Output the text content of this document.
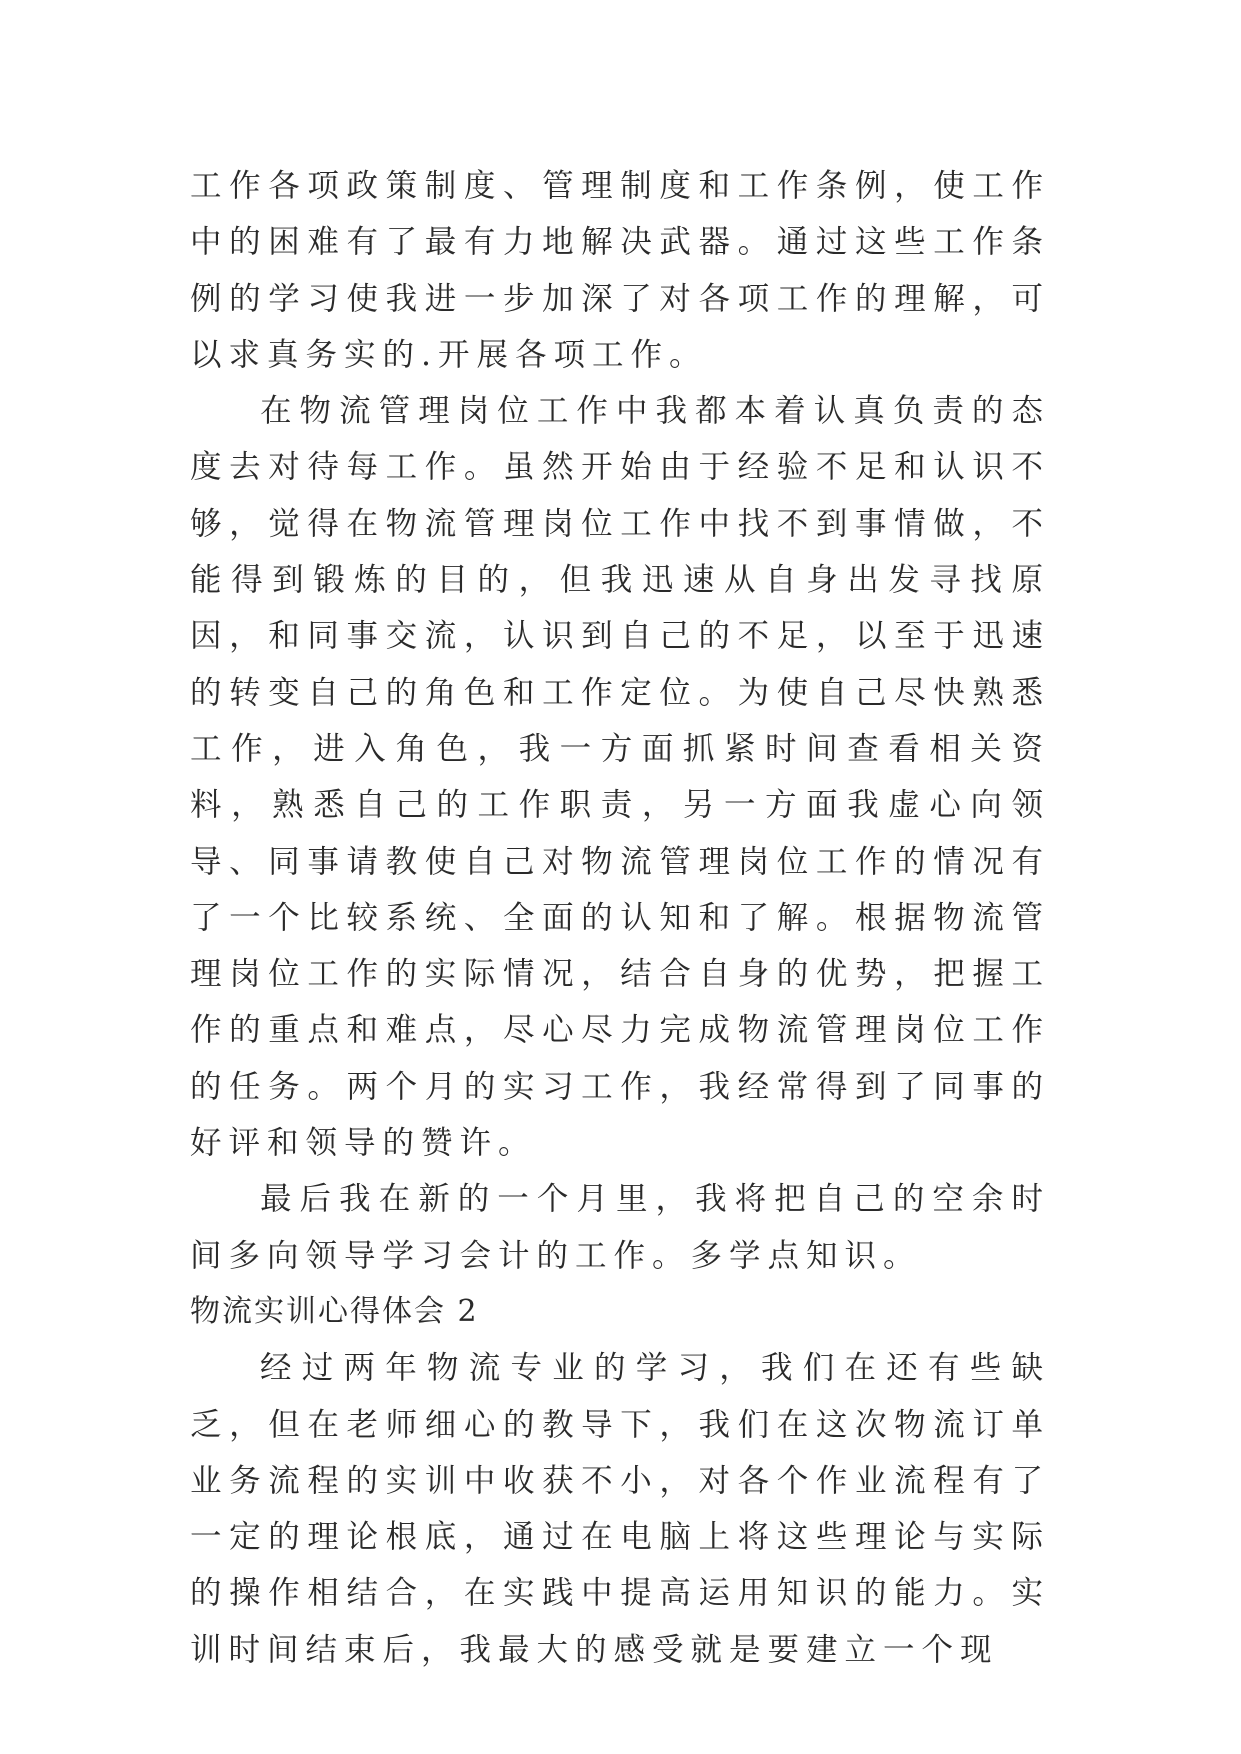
工作各项政策制度、管理制度和工作条例，使工作中的困难有了最有力地解决武器。通过这些工作条例的学习使我进一步加深了对各项工作的理解，可以求真务实的.开展各项工作。

在物流管理岗位工作中我都本着认真负责的态度去对待每工作。虽然开始由于经验不足和认识不够，觉得在物流管理岗位工作中找不到事情做，不能得到锻炼的目的，但我迅速从自身出发寻找原因，和同事交流，认识到自己的不足，以至于迅速的转变自己的角色和工作定位。为使自己尽快熟悉工作，进入角色，我一方面抓紧时间查看相关资料，熟悉自己的工作职责，另一方面我虚心向领导、同事请教使自己对物流管理岗位工作的情况有了一个比较系统、全面的认知和了解。根据物流管理岗位工作的实际情况，结合自身的优势，把握工作的重点和难点，尽心尽力完成物流管理岗位工作的任务。两个月的实习工作，我经常得到了同事的好评和领导的赞许。

最后我在新的一个月里，我将把自己的空余时间多向领导学习会计的工作。多学点知识。

物流实训心得体会 2

经过两年物流专业的学习，我们在还有些缺乏，但在老师细心的教导下，我们在这次物流订单业务流程的实训中收获不小，对各个作业流程有了一定的理论根底，通过在电脑上将这些理论与实际的操作相结合，在实践中提高运用知识的能力。实训时间结束后，我最大的感受就是要建立一个现
